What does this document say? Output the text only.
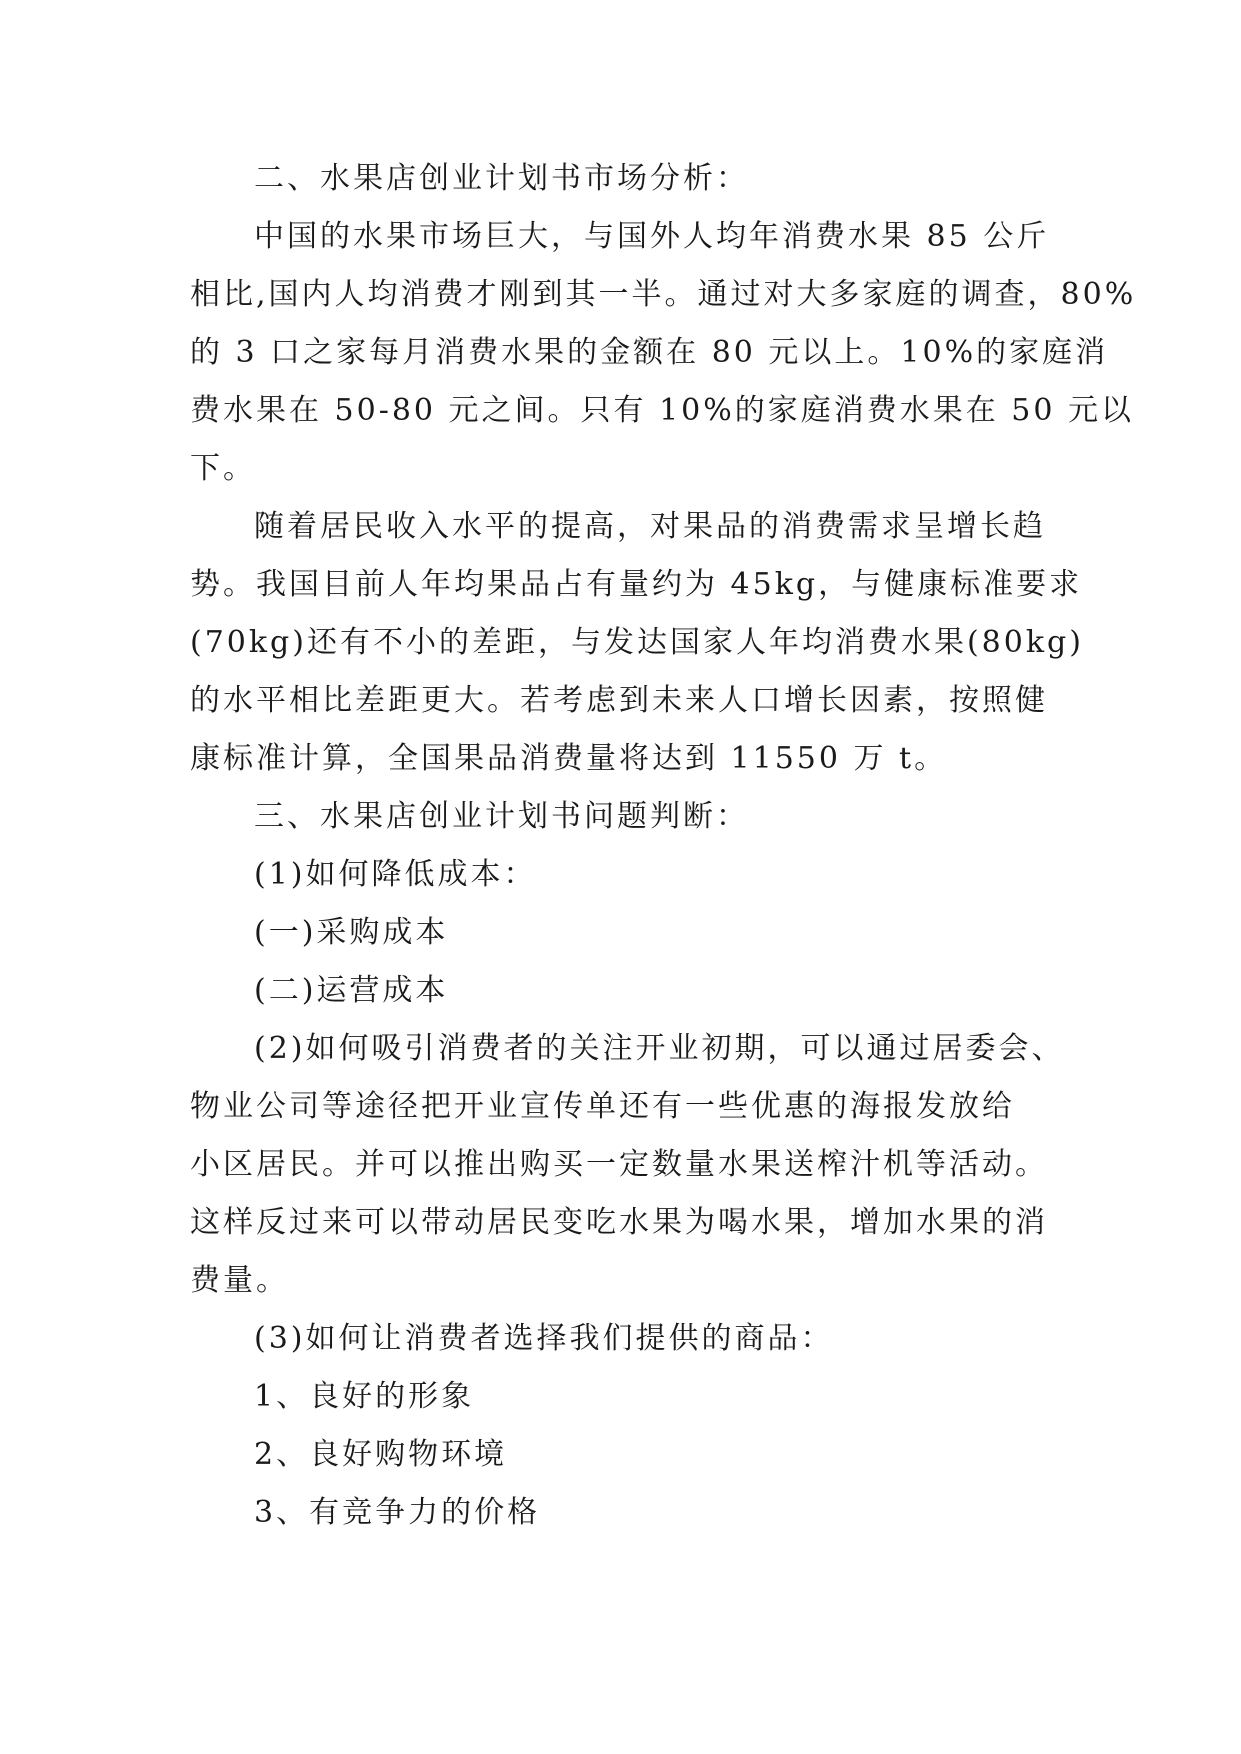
二、水果店创业计划书市场分析：
中国的水果市场巨大，与国外人均年消费水果 85 公斤
相比,国内人均消费才刚到其一半。通过对大多家庭的调查，80%
的 3 口之家每月消费水果的金额在 80 元以上。10%的家庭消
费水果在 50-80 元之间。只有 10%的家庭消费水果在 50 元以
下。
随着居民收入水平的提高，对果品的消费需求呈增长趋
势。我国目前人年均果品占有量约为 45kg，与健康标准要求
(70kg)还有不小的差距，与发达国家人年均消费水果(80kg)
的水平相比差距更大。若考虑到未来人口增长因素，按照健
康标准计算，全国果品消费量将达到 11550 万 t。
三、水果店创业计划书问题判断：
(1)如何降低成本：
(一)采购成本
(二)运营成本
(2)如何吸引消费者的关注开业初期，可以通过居委会、
物业公司等途径把开业宣传单还有一些优惠的海报发放给
小区居民。并可以推出购买一定数量水果送榨汁机等活动。
这样反过来可以带动居民变吃水果为喝水果，增加水果的消
费量。
(3)如何让消费者选择我们提供的商品：
1、良好的形象
2、良好购物环境
3、有竞争力的价格
